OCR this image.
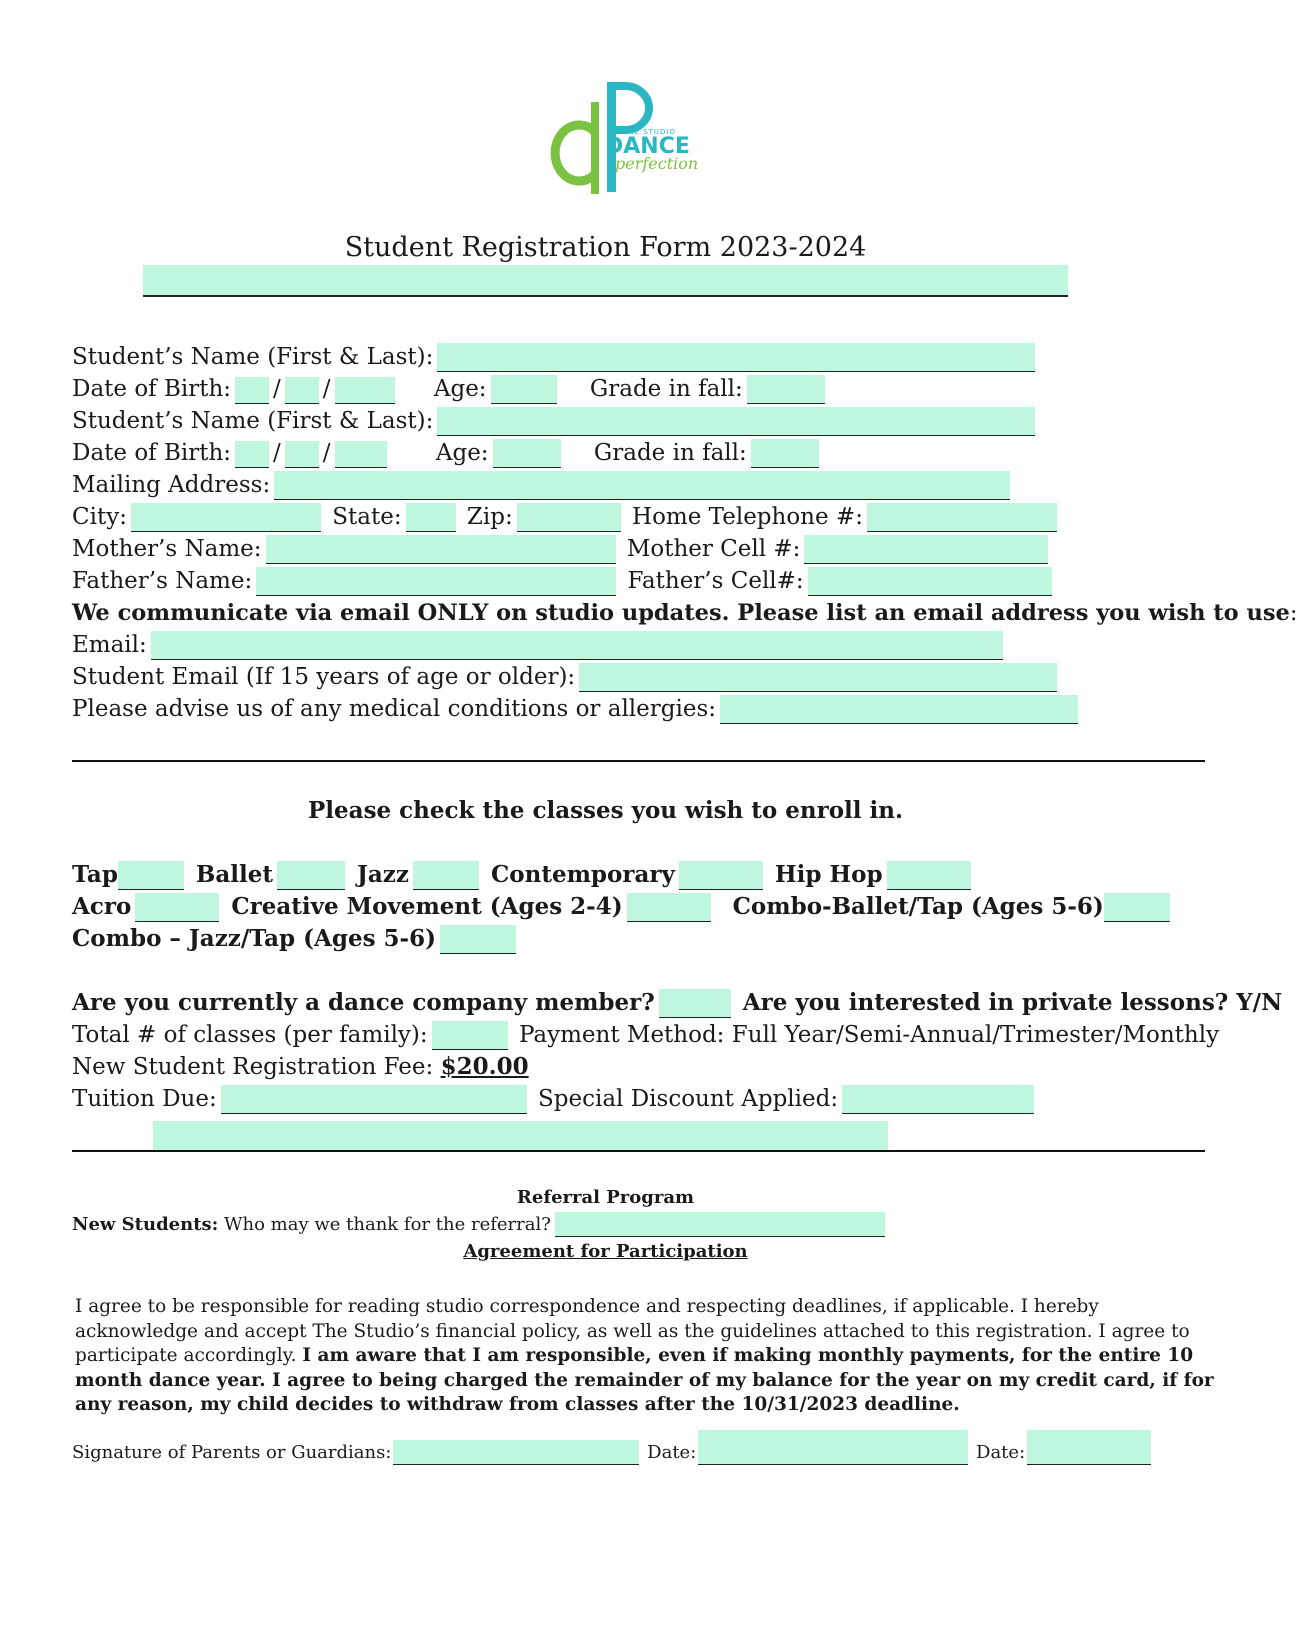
THE STUDIO
DANCE
perfection
Student Registration Form 2023-2024
Student’s Name (First & Last):
Date of Birth: / /	Age:	Grade in fall:
Student’s Name (First & Last):
Date of Birth: / /	Age:	Grade in fall:
Mailing Address:
City:	State:	Zip:	Home Telephone #:
Mother’s Name:	Mother Cell #:
Father’s Name:	Father’s Cell#:
We communicate via email ONLY on studio updates. Please list an email address you wish to use:
Email:
Student Email (If 15 years of age or older):
Please advise us of any medical conditions or allergies:
Please check the classes you wish to enroll in.
Tap	Ballet	Jazz	Contemporary	Hip Hop
Acro	Creative Movement (Ages 2-4)	Combo-Ballet/Tap (Ages 5-6)
Combo – Jazz/Tap (Ages 5-6)
Are you currently a dance company member?	Are you interested in private lessons? Y/N
Total # of classes (per family):	Payment Method: Full Year/Semi-Annual/Trimester/Monthly
New Student Registration Fee: $20.00
Tuition Due:	Special Discount Applied:
Referral Program
New Students: Who may we thank for the referral?
Agreement for Participation
I agree to be responsible for reading studio correspondence and respecting deadlines, if applicable. I hereby acknowledge and accept The Studio’s financial policy, as well as the guidelines attached to this registration. I agree to participate accordingly. I am aware that I am responsible, even if making monthly payments, for the entire 10 month dance year. I agree to being charged the remainder of my balance for the year on my credit card, if for any reason, my child decides to withdraw from classes after the 10/31/2023 deadline.
Signature of Parents or Guardians:	Date:	Date:
